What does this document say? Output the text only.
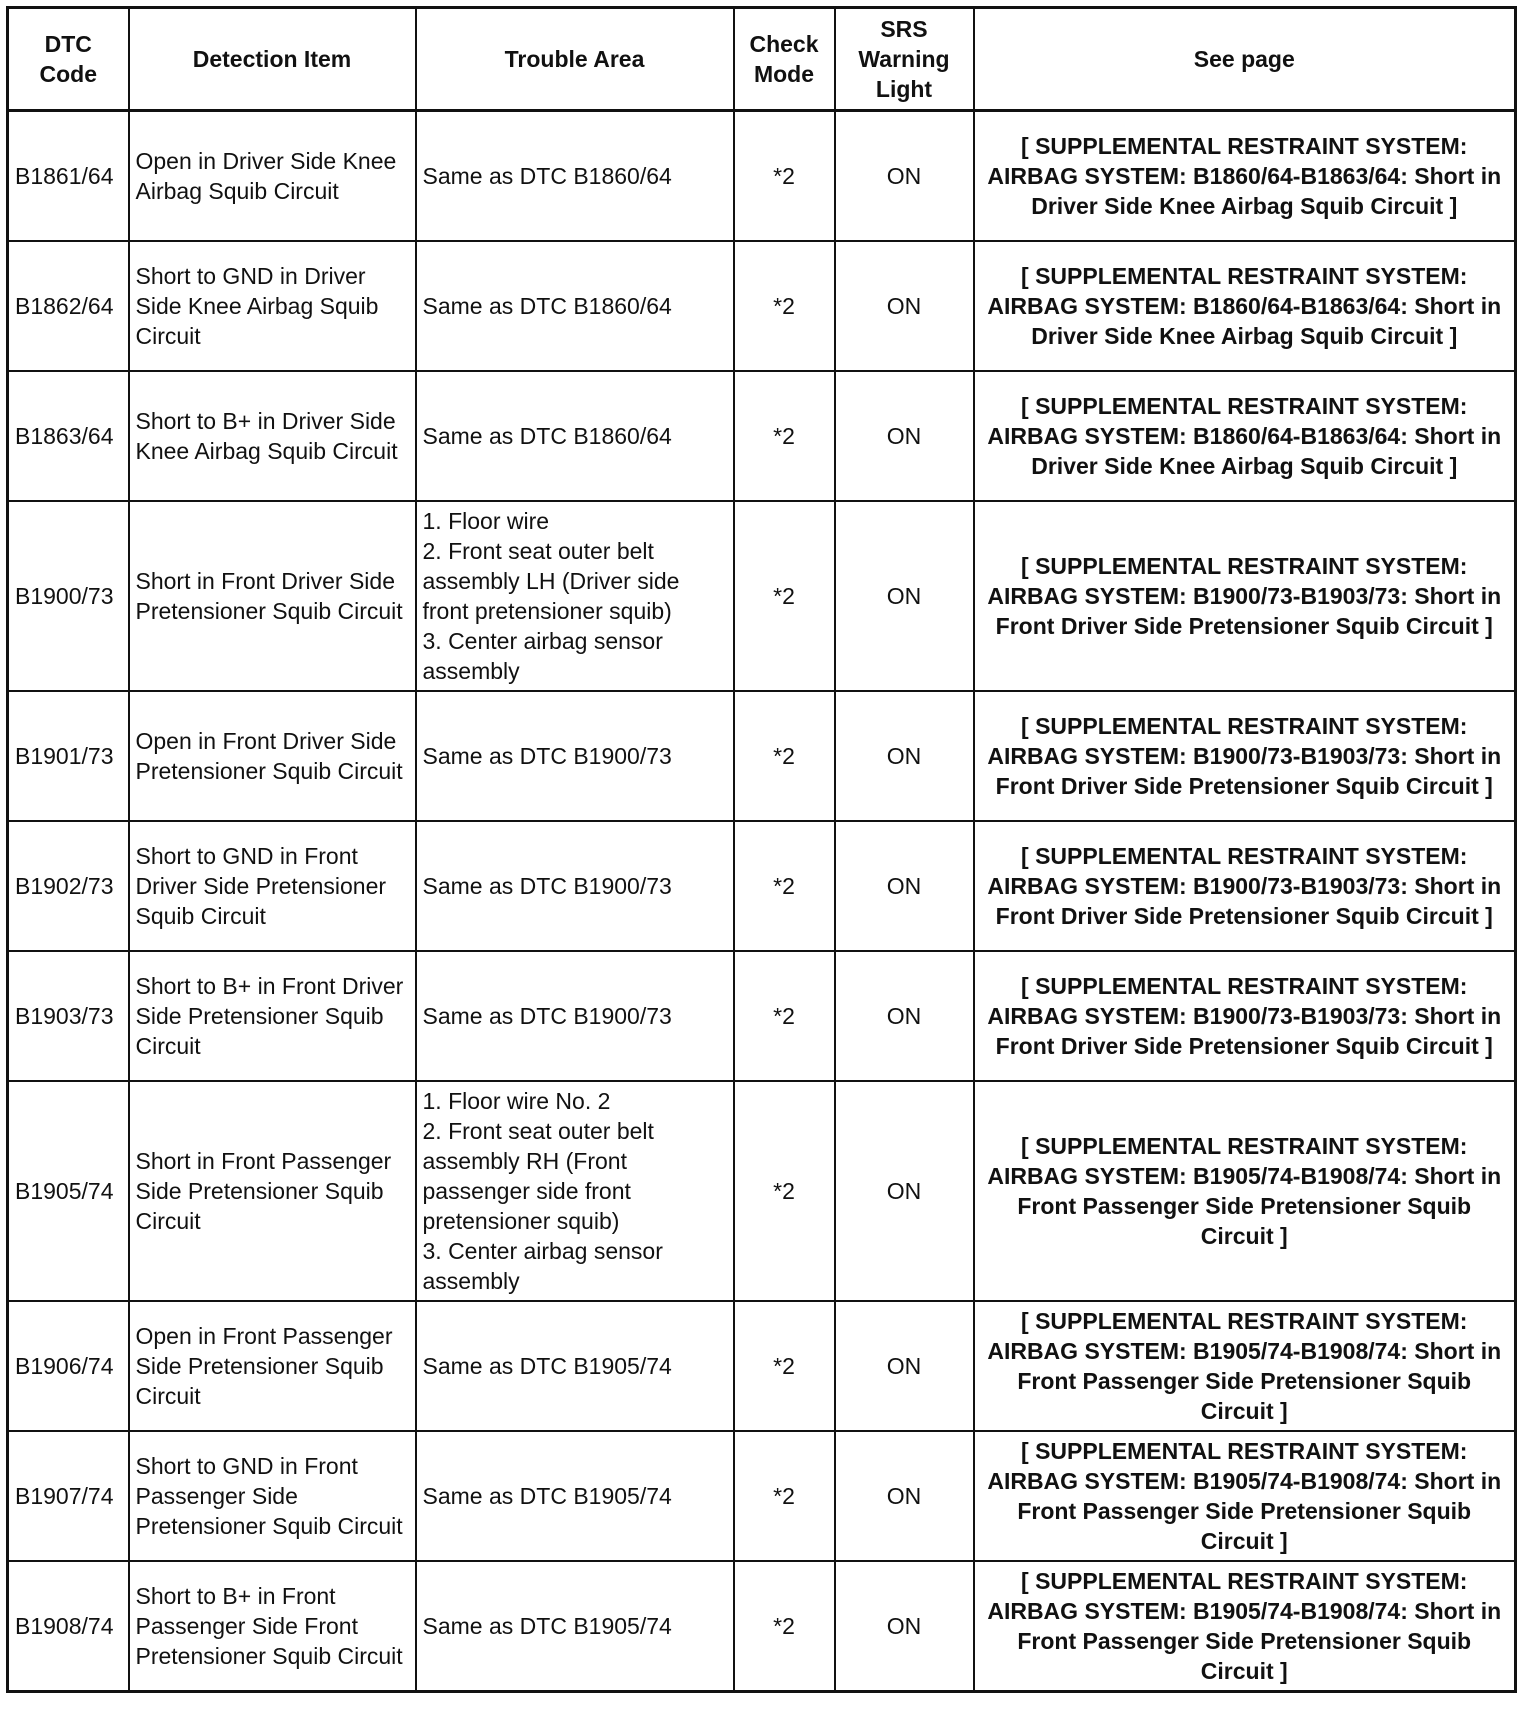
DTC Code	Detection Item	Trouble Area	Check Mode	SRS Warning Light	See page
B1861/64	Open in Driver Side Knee Airbag Squib Circuit	Same as DTC B1860/64	*2	ON	[ SUPPLEMENTAL RESTRAINT SYSTEM: AIRBAG SYSTEM: B1860/64-B1863/64: Short in Driver Side Knee Airbag Squib Circuit ]
B1862/64	Short to GND in Driver Side Knee Airbag Squib Circuit	Same as DTC B1860/64	*2	ON	[ SUPPLEMENTAL RESTRAINT SYSTEM: AIRBAG SYSTEM: B1860/64-B1863/64: Short in Driver Side Knee Airbag Squib Circuit ]
B1863/64	Short to B+ in Driver Side Knee Airbag Squib Circuit	Same as DTC B1860/64	*2	ON	[ SUPPLEMENTAL RESTRAINT SYSTEM: AIRBAG SYSTEM: B1860/64-B1863/64: Short in Driver Side Knee Airbag Squib Circuit ]
B1900/73	Short in Front Driver Side Pretensioner Squib Circuit	1. Floor wire
2. Front seat outer belt assembly LH (Driver side front pretensioner squib)
3. Center airbag sensor assembly	*2	ON	[ SUPPLEMENTAL RESTRAINT SYSTEM: AIRBAG SYSTEM: B1900/73-B1903/73: Short in Front Driver Side Pretensioner Squib Circuit ]
B1901/73	Open in Front Driver Side Pretensioner Squib Circuit	Same as DTC B1900/73	*2	ON	[ SUPPLEMENTAL RESTRAINT SYSTEM: AIRBAG SYSTEM: B1900/73-B1903/73: Short in Front Driver Side Pretensioner Squib Circuit ]
B1902/73	Short to GND in Front Driver Side Pretensioner Squib Circuit	Same as DTC B1900/73	*2	ON	[ SUPPLEMENTAL RESTRAINT SYSTEM: AIRBAG SYSTEM: B1900/73-B1903/73: Short in Front Driver Side Pretensioner Squib Circuit ]
B1903/73	Short to B+ in Front Driver Side Pretensioner Squib Circuit	Same as DTC B1900/73	*2	ON	[ SUPPLEMENTAL RESTRAINT SYSTEM: AIRBAG SYSTEM: B1900/73-B1903/73: Short in Front Driver Side Pretensioner Squib Circuit ]
B1905/74	Short in Front Passenger Side Pretensioner Squib Circuit	1. Floor wire No. 2
2. Front seat outer belt assembly RH (Front passenger side front pretensioner squib)
3. Center airbag sensor assembly	*2	ON	[ SUPPLEMENTAL RESTRAINT SYSTEM: AIRBAG SYSTEM: B1905/74-B1908/74: Short in Front Passenger Side Pretensioner Squib Circuit ]
B1906/74	Open in Front Passenger Side Pretensioner Squib Circuit	Same as DTC B1905/74	*2	ON	[ SUPPLEMENTAL RESTRAINT SYSTEM: AIRBAG SYSTEM: B1905/74-B1908/74: Short in Front Passenger Side Pretensioner Squib Circuit ]
B1907/74	Short to GND in Front Passenger Side Pretensioner Squib Circuit	Same as DTC B1905/74	*2	ON	[ SUPPLEMENTAL RESTRAINT SYSTEM: AIRBAG SYSTEM: B1905/74-B1908/74: Short in Front Passenger Side Pretensioner Squib Circuit ]
B1908/74	Short to B+ in Front Passenger Side Front Pretensioner Squib Circuit	Same as DTC B1905/74	*2	ON	[ SUPPLEMENTAL RESTRAINT SYSTEM: AIRBAG SYSTEM: B1905/74-B1908/74: Short in Front Passenger Side Pretensioner Squib Circuit ]
